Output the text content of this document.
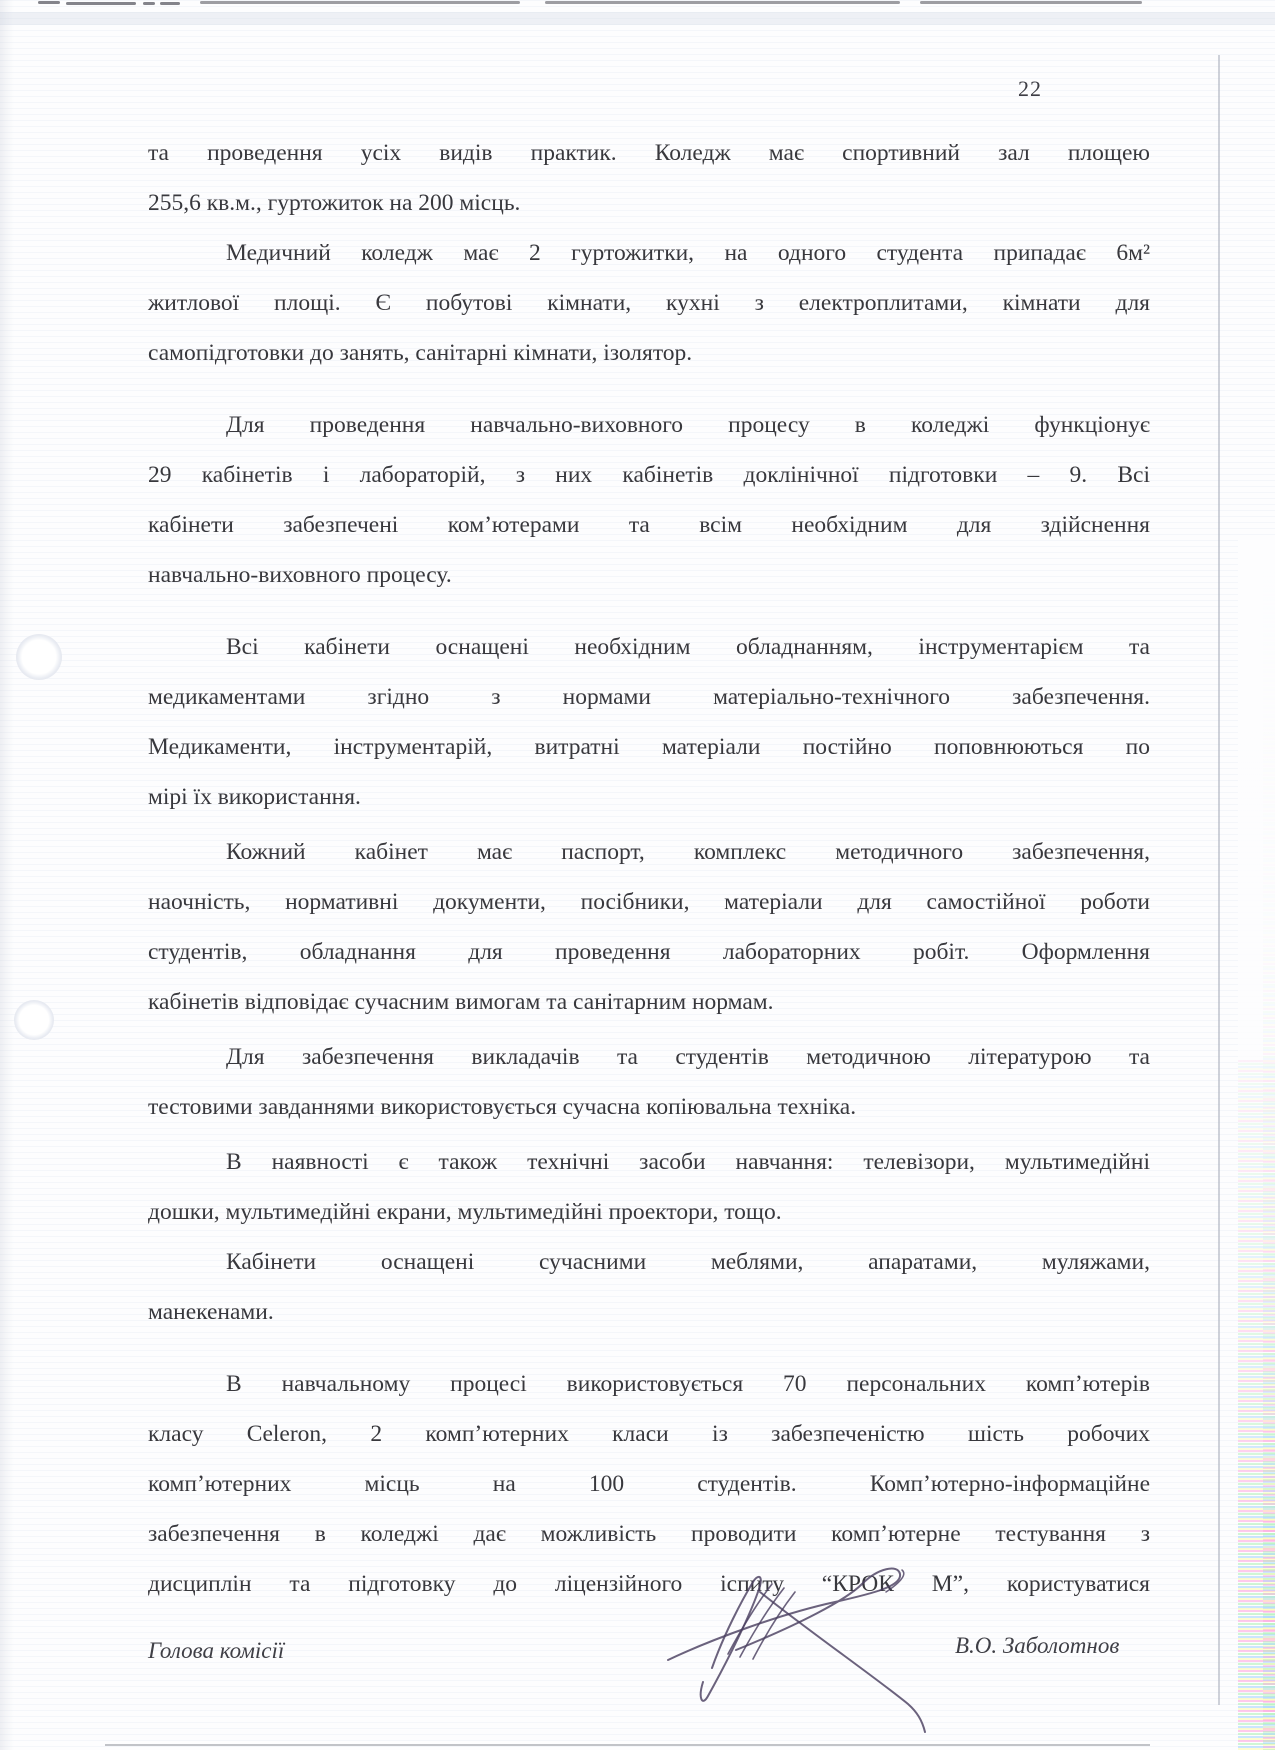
22
та проведення усіх видів практик. Коледж має спортивний зал площею
255,6 кв.м., гуртожиток на 200 місць.
Медичний коледж має 2 гуртожитки, на одного студента припадає 6м²
житлової площі. Є побутові кімнати, кухні з електроплитами, кімнати для
самопідготовки до занять, санітарні кімнати, ізолятор.
Для проведення навчально-виховного процесу в коледжі функціонує
29 кабінетів і лабораторій, з них кабінетів доклінічної підготовки – 9. Всі
кабінети забезпечені ком’ютерами та всім необхідним для здійснення
навчально-виховного процесу.
Всі кабінети оснащені необхідним обладнанням, інструментарієм та
медикаментами згідно з нормами матеріально-технічного забезпечення.
Медикаменти, інструментарій, витратні матеріали постійно поповнюються по
мірі їх використання.
Кожний кабінет має паспорт, комплекс методичного забезпечення,
наочність, нормативні документи, посібники, матеріали для самостійної роботи
студентів, обладнання для проведення лабораторних робіт. Оформлення
кабінетів відповідає сучасним вимогам та санітарним нормам.
Для забезпечення викладачів та студентів методичною літературою та
тестовими завданнями використовується сучасна копіювальна техніка.
В наявності є також технічні засоби навчання: телевізори, мультимедійні
дошки, мультимедійні екрани, мультимедійні проектори, тощо.
Кабінети оснащені сучасними меблями, апаратами, муляжами,
манекенами.
В навчальному процесі використовується 70 персональних комп’ютерів
класу Celeron, 2 комп’ютерних класи із забезпеченістю шість робочих
комп’ютерних місць на 100 студентів. Комп’ютерно-інформаційне
забезпечення в коледжі дає можливість проводити комп’ютерне тестування з
дисциплін та підготовку до ліцензійного іспиту “КРОК М”, користуватися
Голова комісії	В.О. Заболотнов
